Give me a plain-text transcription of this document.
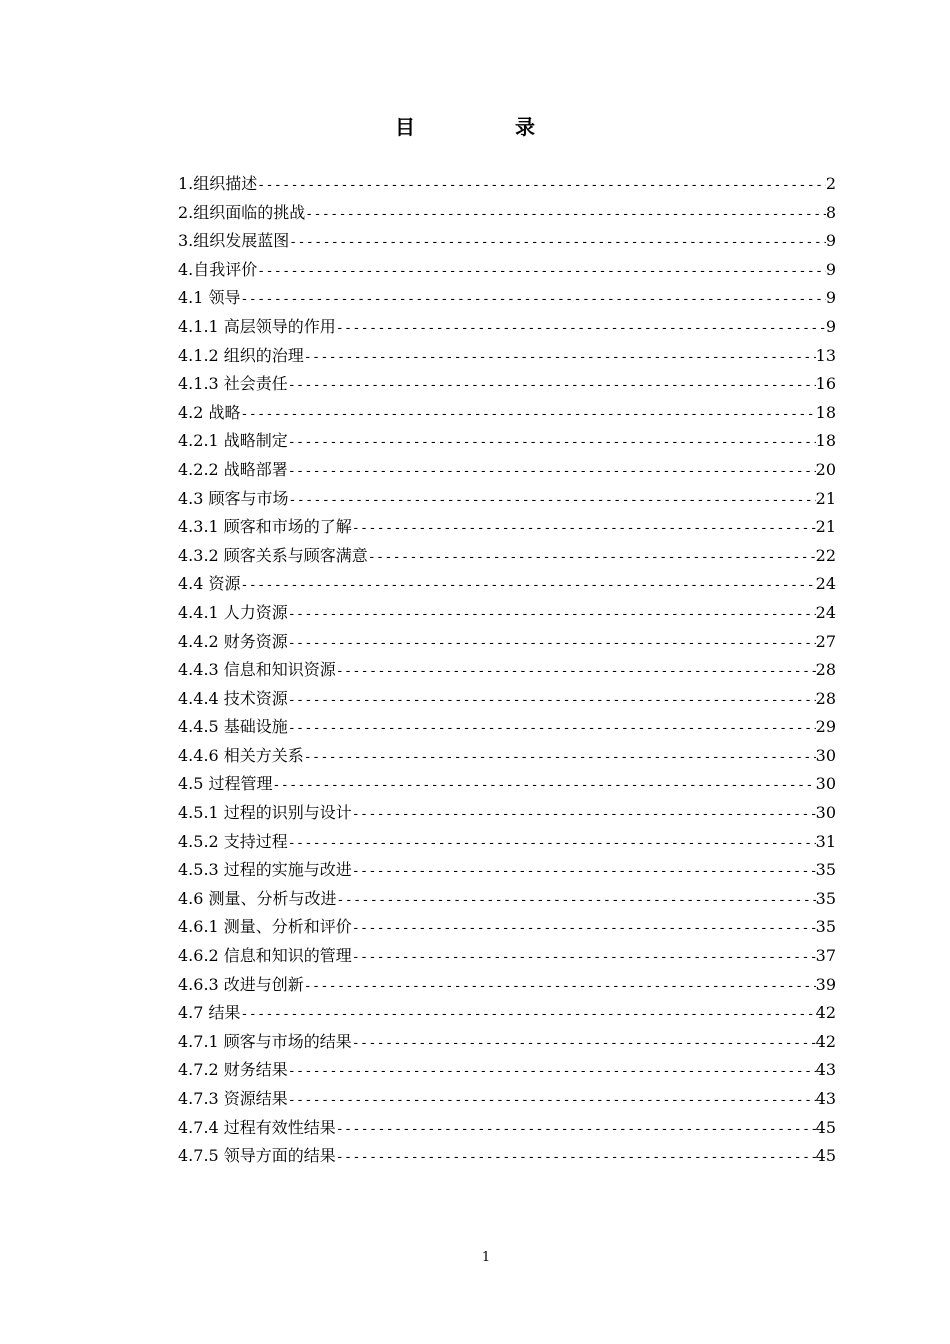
目　录
1.组织描述 -----	2
2.组织面临的挑战 -----	8
3.组织发展蓝图 -----	9
4.自我评价 -----	9
4.1 领导 -----	9
4.1.1 高层领导的作用 -----	9
4.1.2 组织的治理 -----	13
4.1.3 社会责任 -----	16
4.2 战略 -----	18
4.2.1 战略制定 -----	18
4.2.2 战略部署 -----	20
4.3 顾客与市场 -----	21
4.3.1 顾客和市场的了解 -----	21
4.3.2 顾客关系与顾客满意 -----	22
4.4 资源 -----	24
4.4.1 人力资源 -----	24
4.4.2 财务资源 -----	27
4.4.3 信息和知识资源 -----	28
4.4.4 技术资源 -----	28
4.4.5 基础设施 -----	29
4.4.6 相关方关系 -----	30
4.5 过程管理 -----	30
4.5.1 过程的识别与设计 -----	30
4.5.2 支持过程 -----	31
4.5.3 过程的实施与改进 -----	35
4.6 测量、分析与改进 -----	35
4.6.1 测量、分析和评价 -----	35
4.6.2 信息和知识的管理 -----	37
4.6.3 改进与创新 -----	39
4.7 结果 -----	42
4.7.1 顾客与市场的结果 -----	42
4.7.2 财务结果 -----	43
4.7.3 资源结果 -----	43
4.7.4 过程有效性结果 -----	45
4.7.5 领导方面的结果 -----	45
1
